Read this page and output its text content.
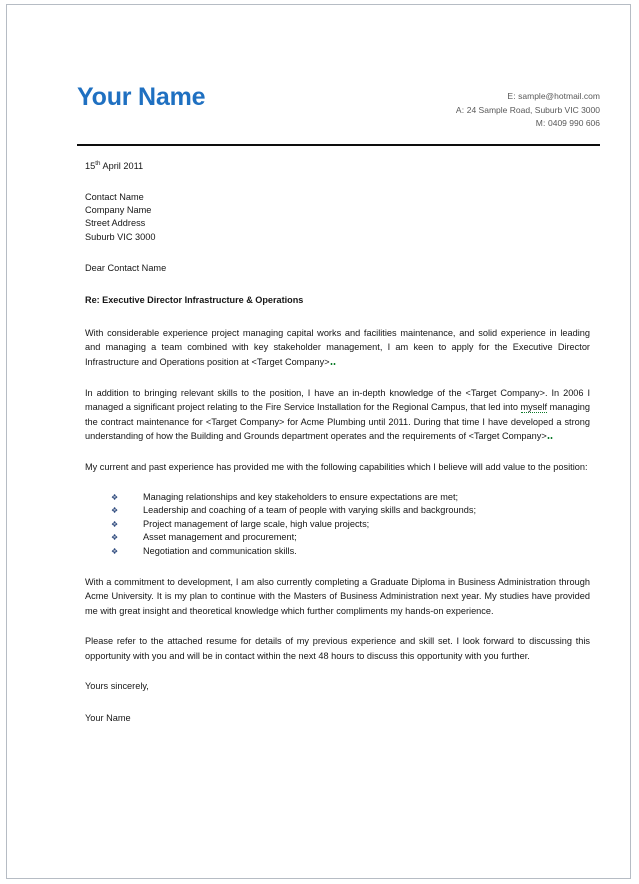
Your Name	E: sample@hotmail.com
A: 24 Sample Road, Suburb VIC 3000
M: 0409 990 606
15th April 2011
Contact Name
Company Name
Street Address
Suburb VIC 3000
Dear Contact Name
Re: Executive Director Infrastructure & Operations

With considerable experience project managing capital works and facilities maintenance, and solid experience in leading and managing a team combined with key stakeholder management, I am keen to apply for the Executive Director Infrastructure and Operations position at <Target Company>

In addition to bringing relevant skills to the position, I have an in-depth knowledge of the <Target Company>. In 2006 I managed a significant project relating to the Fire Service Installation for the Regional Campus, that led into myself managing the contract maintenance for <Target Company> for Acme Plumbing until 2011. During that time I have developed a strong understanding of how the Building and Grounds department operates and the requirements of <Target Company>

My current and past experience has provided me with the following capabilities which I believe will add value to the position:

❖	Managing relationships and key stakeholders to ensure expectations are met;
❖	Leadership and coaching of a team of people with varying skills and backgrounds;
❖	Project management of large scale, high value projects;
❖	Asset management and procurement;
❖	Negotiation and communication skills.

With a commitment to development, I am also currently completing a Graduate Diploma in Business Administration through Acme University. It is my plan to continue with the Masters of Business Administration next year. My studies have provided me with great insight and theoretical knowledge which further compliments my hands-on experience.

Please refer to the attached resume for details of my previous experience and skill set. I look forward to discussing this opportunity with you and will be in contact within the next 48 hours to discuss this opportunity with you further.

Yours sincerely,
Your Name
